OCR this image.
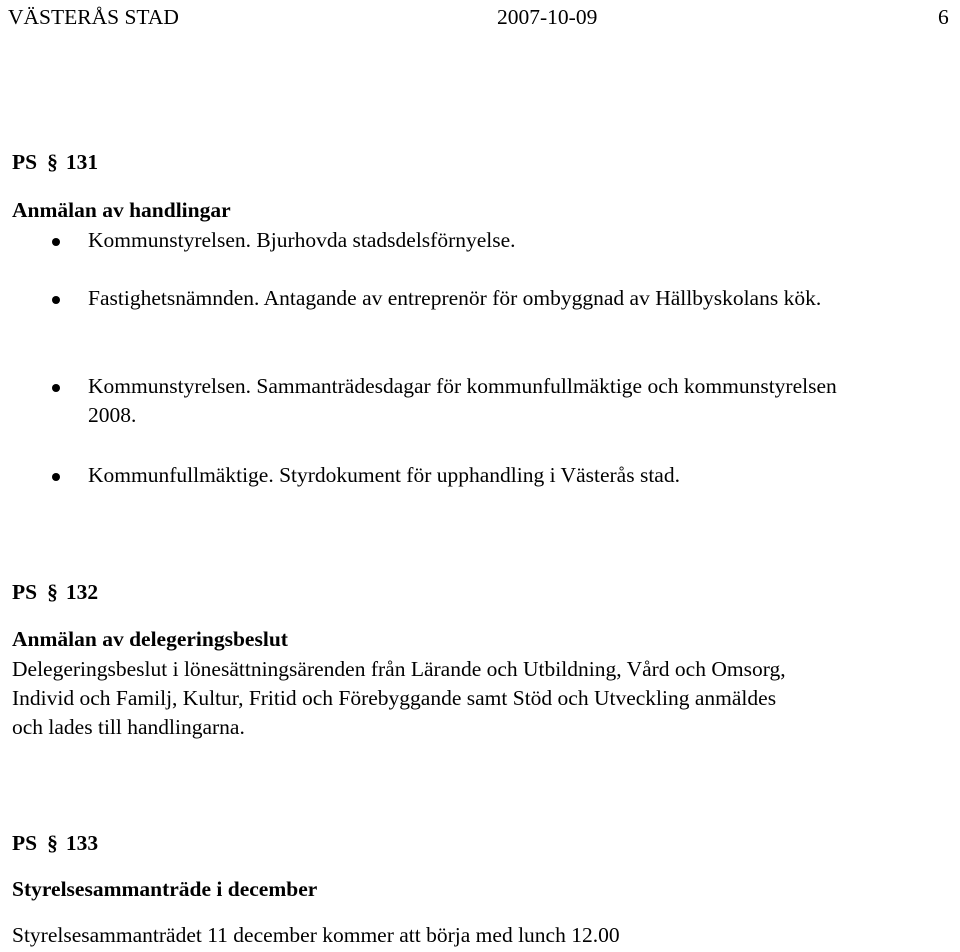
VÄSTERÅS STAD	2007-10-09	6
PS § 131
Anmälan av handlingar
Kommunstyrelsen. Bjurhovda stadsdelsförnyelse.
Fastighetsnämnden. Antagande av entreprenör för ombyggnad av Hällbyskolans kök.
Kommunstyrelsen. Sammanträdesdagar för kommunfullmäktige och kommunstyrelsen 2008.
Kommunfullmäktige. Styrdokument för upphandling i Västerås stad.
PS § 132
Anmälan av delegeringsbeslut
Delegeringsbeslut i lönesättningsärenden från Lärande och Utbildning, Vård och Omsorg,
Individ och Familj, Kultur, Fritid och Förebyggande samt Stöd och Utveckling anmäldes
och lades till handlingarna.
PS § 133
Styrelsesammanträde i december
Styrelsesammanträdet 11 december kommer att börja med lunch 12.00
